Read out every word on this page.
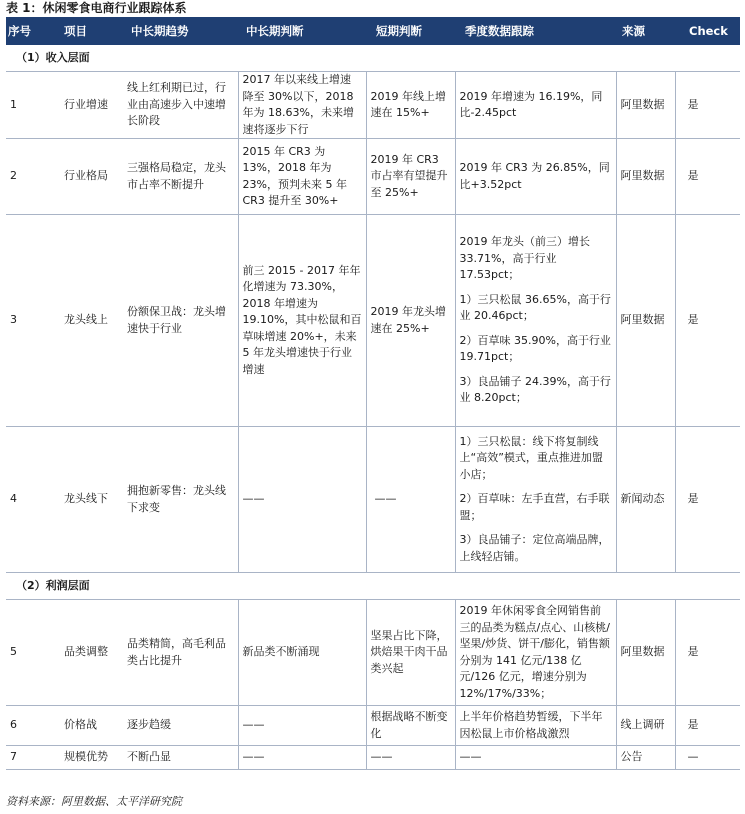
表 1：休闲零食电商行业跟踪体系
序号	项目	中长期趋势	中长期判断	短期判断	季度数据跟踪	来源	Check
（1）收入层面							
1	行业增速	线上红利期已过，行业由高速步入中速增长阶段	2017 年以来线上增速降至 30%以下，2018 年为 18.63%，未来增速将逐步下行	2019 年线上增速在 15%+	2019 年增速为 16.19%，同比-2.45pct	阿里数据	是
2	行业格局	三强格局稳定，龙头市占率不断提升	2015 年 CR3 为 13%，2018 年为 23%，预判未来 5 年 CR3 提升至 30%+	2019 年 CR3 市占率有望提升至 25%+	2019 年 CR3 为 26.85%，同比+3.52pct	阿里数据	是
3	龙头线上	份额保卫战：龙头增速快于行业	前三 2015 - 2017 年年化增速为 73.30%，2018 年增速为 19.10%，其中松鼠和百草味增速 20%+，未来 5 年龙头增速快于行业增速	2019 年龙头增速在 25%+	2019 年龙头（前三）增长 33.71%，高于行业 17.53pct；
1）三只松鼠 36.65%，高于行业 20.46pct；
2）百草味 35.90%，高于行业 19.71pct；
3）良品铺子 24.39%，高于行业 8.20pct；	阿里数据	是
4	龙头线下	拥抱新零售：龙头线下求变	——	——	1）三只松鼠：线下将复制线上“高效”模式，重点推进加盟小店；
2）百草味：左手直营，右手联盟；
3）良品铺子：定位高端品牌，上线轻店铺。	新闻动态	是
（2）利润层面							
5	品类调整	品类精简，高毛利品类占比提升	新品类不断涌现	坚果占比下降，烘焙果干肉干品类兴起	2019 年休闲零食全网销售前三的品类为糕点/点心、山核桃/坚果/炒货、饼干/膨化，销售额分别为 141 亿元/138 亿元/126 亿元，增速分别为 12%/17%/33%；	阿里数据	是
6	价格战	逐步趋缓	——	根据战略不断变化	上半年价格趋势暂缓，下半年因松鼠上市价格战激烈	线上调研	是
7	规模优势	不断凸显	——	——	——	公告	—
资料来源：阿里数据、太平洋研究院
